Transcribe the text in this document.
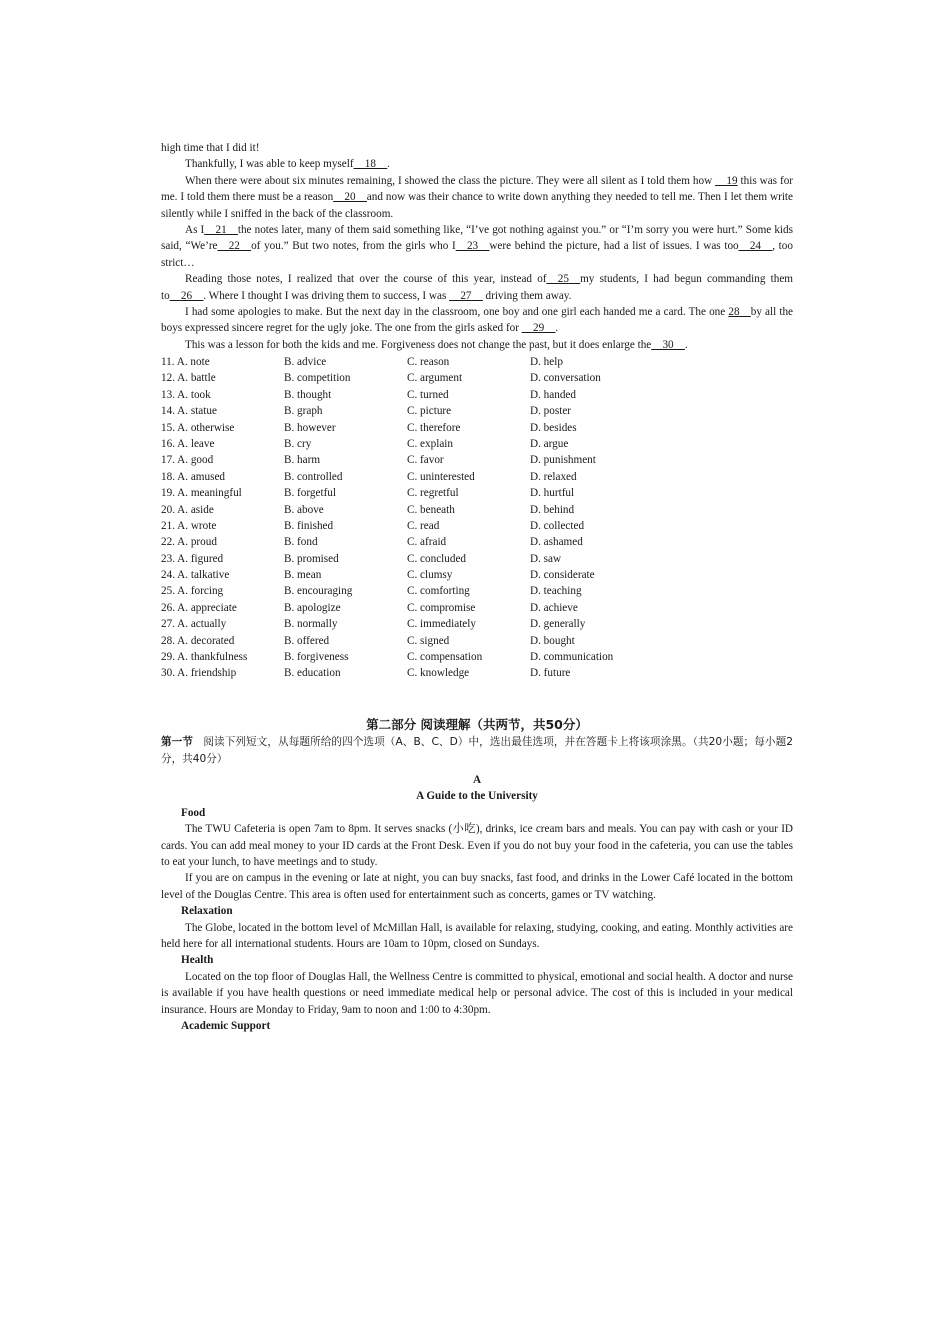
high time that I did it!

Thankfully, I was able to keep myself__18__.

When there were about six minutes remaining, I showed the class the picture. They were all silent as I told them how __19 this was for me. I told them there must be a reason__20__and now was their chance to write down anything they needed to tell me. Then I let them write silently while I sniffed in the back of the classroom.

As I__21__the notes later, many of them said something like, “I’ve got nothing against you.” or “I’m sorry you were hurt.” Some kids said, “We’re__22__of you.” But two notes, from the girls who I__23__were behind the picture, had a list of issues. I was too__24__, too strict…

Reading those notes, I realized that over the course of this year, instead of__25__my students, I had begun commanding them to__26__. Where I thought I was driving them to success, I was __27__ driving them away.

I had some apologies to make. But the next day in the classroom, one boy and one girl each handed me a card. The one 28__by all the boys expressed sincere regret for the ugly joke. The one from the girls asked for __29__.

This was a lesson for both the kids and me. Forgiveness does not change the past, but it does enlarge the__30__.

11. A. note	B. advice	C. reason	D. help
12. A. battle	B. competition	C. argument	D. conversation
13. A. took	B. thought	C. turned	D. handed
14. A. statue	B. graph	C. picture	D. poster
15. A. otherwise	B. however	C. therefore	D. besides
16. A. leave	B. cry	C. explain	D. argue
17. A. good	B. harm	C. favor	D. punishment
18. A. amused	B. controlled	C. uninterested	D. relaxed
19. A. meaningful	B. forgetful	C. regretful	D. hurtful
20. A. aside	B. above	C. beneath	D. behind
21. A. wrote	B. finished	C. read	D. collected
22. A. proud	B. fond	C. afraid	D. ashamed
23. A. figured	B. promised	C. concluded	D. saw
24. A. talkative	B. mean	C. clumsy	D. considerate
25. A. forcing	B. encouraging	C. comforting	D. teaching
26. A. appreciate	B. apologize	C. compromise	D. achieve
27. A. actually	B. normally	C. immediately	D. generally
28. A. decorated	B. offered	C. signed	D. bought
29. A. thankfulness	B. forgiveness	C. compensation	D. communication
30. A. friendship	B. education	C. knowledge	D. future
第二部分 阅读理解（共两节，共50分）

第一节 阅读下列短文，从每题所给的四个选项（A、B、C、D）中，选出最佳选项，并在答题卡上将该项涂黑。（共20小题；每小题2分，共40分）

A
A Guide to the University
Food

The TWU Cafeteria is open 7am to 8pm. It serves snacks (小吃), drinks, ice cream bars and meals. You can pay with cash or your ID cards. You can add meal money to your ID cards at the Front Desk. Even if you do not buy your food in the cafeteria, you can use the tables to eat your lunch, to have meetings and to study.

If you are on campus in the evening or late at night, you can buy snacks, fast food, and drinks in the Lower Café located in the bottom level of the Douglas Centre. This area is often used for entertainment such as concerts, games or TV watching.

Relaxation

The Globe, located in the bottom level of McMillan Hall, is available for relaxing, studying, cooking, and eating. Monthly activities are held here for all international students. Hours are 10am to 10pm, closed on Sundays.

Health

Located on the top floor of Douglas Hall, the Wellness Centre is committed to physical, emotional and social health. A doctor and nurse is available if you have health questions or need immediate medical help or personal advice. The cost of this is included in your medical insurance. Hours are Monday to Friday, 9am to noon and 1:00 to 4:30pm.

Academic Support
